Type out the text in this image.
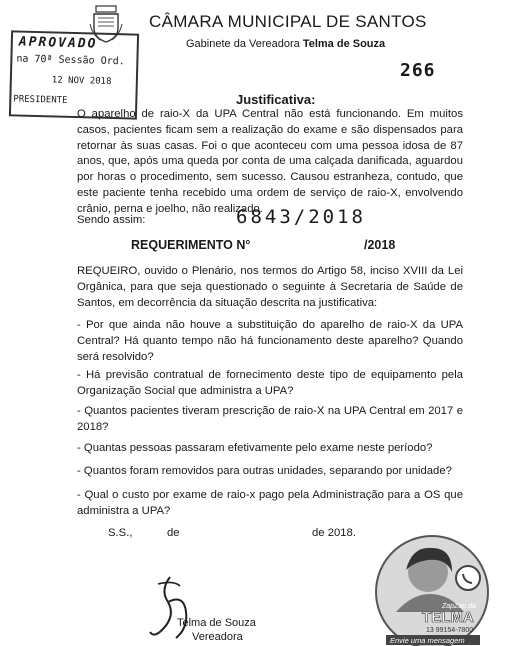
CÂMARA MUNICIPAL DE SANTOS
Gabinete da Vereadora Telma de Souza
APROVADO
na 70ª Sessão Ord.
12 NOV 2018
PRESIDENTE
266
Justificativa:
O aparelho de raio-X da UPA Central não está funcionando. Em muitos casos, pacientes ficam sem a realização do exame e são dispensados para retornar às suas casas. Foi o que aconteceu com uma pessoa idosa de 87 anos, que, após uma queda por conta de uma calçada danificada, aguardou por horas o procedimento, sem sucesso. Causou estranheza, contudo, que este paciente tenha recebido uma ordem de serviço de raio-X, envolvendo crânio, perna e joelho, não realizado.
Sendo assim:	6843/2018
REQUERIMENTO N°	/2018
REQUEIRO, ouvido o Plenário, nos termos do Artigo 58, inciso XVIII da Lei Orgânica, para que seja questionado o seguinte à Secretaria de Saúde de Santos, em decorrência da situação descrita na justificativa:
- Por que ainda não houve a substituição do aparelho de raio-X da UPA Central? Há quanto tempo não há funcionamento deste aparelho? Quando será resolvido?
- Há previsão contratual de fornecimento deste tipo de equipamento pela Organização Social que administra a UPA?
- Quantos pacientes tiveram prescrição de raio-X na UPA Central em 2017 e 2018?
- Quantas pessoas passaram efetivamente pelo exame neste período?
- Quantos foram removidos para outras unidades, separando por unidade?
- Qual o custo por exame de raio-x pago pela Administração para a OS que administra a UPA?
S.S.,	de	de 2018.
Telma de Souza
Vereadora
ZapZap da
TELMA
13 99154-7800
Envie uma mensagem
